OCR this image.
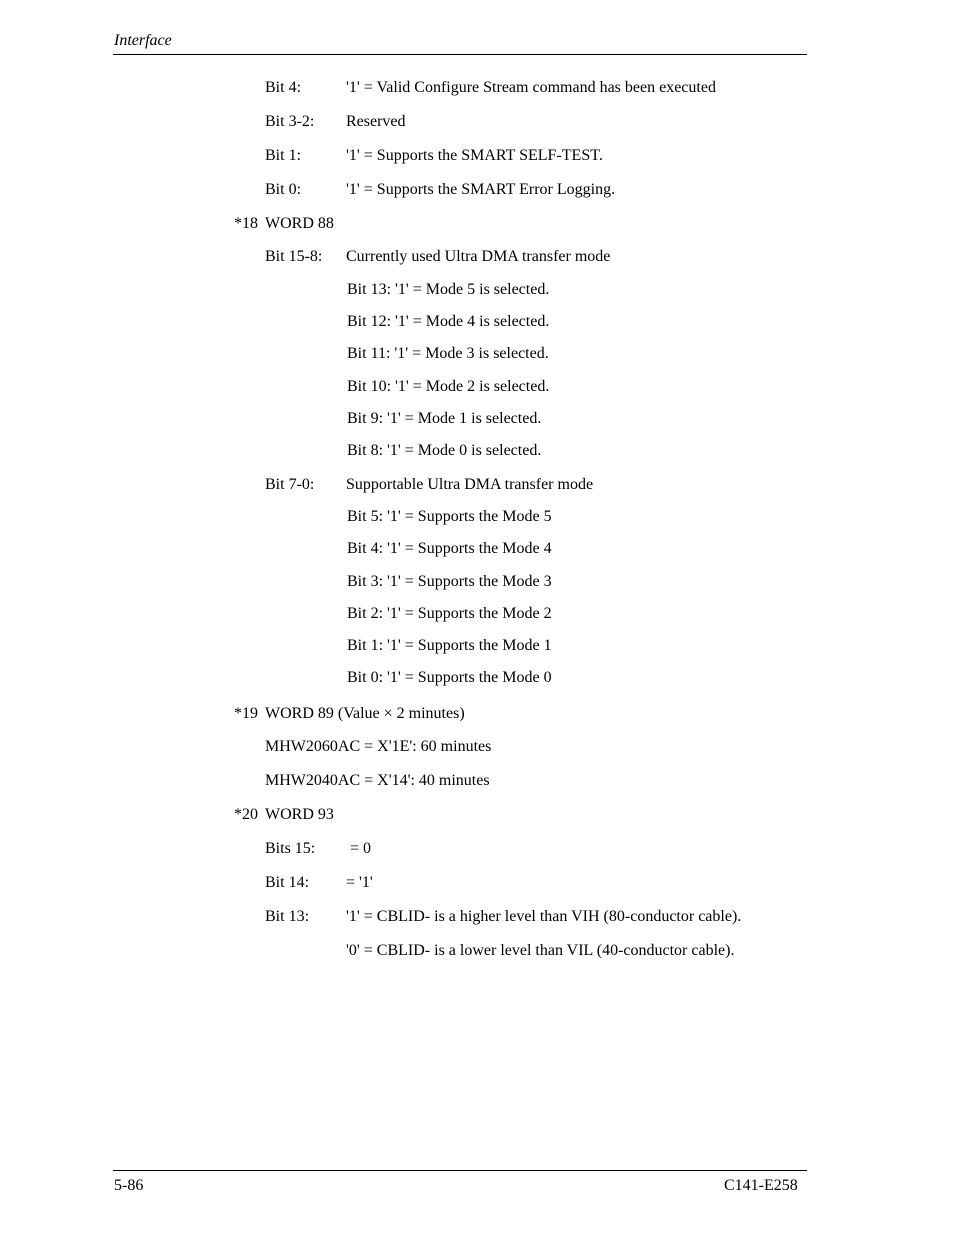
Interface
Bit 4:	'1' = Valid Configure Stream command has been executed
Bit 3-2: Reserved
Bit 1:	'1' = Supports the SMART SELF-TEST.
Bit 0:	'1' = Supports the SMART Error Logging.
*18 WORD 88
Bit 15-8: Currently used Ultra DMA transfer mode
Bit 13: '1' = Mode 5 is selected.
Bit 12: '1' = Mode 4 is selected.
Bit 11: '1' = Mode 3 is selected.
Bit 10: '1' = Mode 2 is selected.
Bit 9: '1' = Mode 1 is selected.
Bit 8: '1' = Mode 0 is selected.
Bit 7-0: Supportable Ultra DMA transfer mode
Bit 5: '1' = Supports the Mode 5
Bit 4: '1' = Supports the Mode 4
Bit 3: '1' = Supports the Mode 3
Bit 2: '1' = Supports the Mode 2
Bit 1: '1' = Supports the Mode 1
Bit 0: '1' = Supports the Mode 0
*19 WORD 89 (Value × 2 minutes)
MHW2060AC = X'1E': 60 minutes
MHW2040AC = X'14': 40 minutes
*20 WORD 93
Bits 15: = 0
Bit 14: = '1'
Bit 13: '1' = CBLID- is a higher level than VIH (80-conductor cable).
'0' = CBLID- is a lower level than VIL (40-conductor cable).
5-86	C141-E258
